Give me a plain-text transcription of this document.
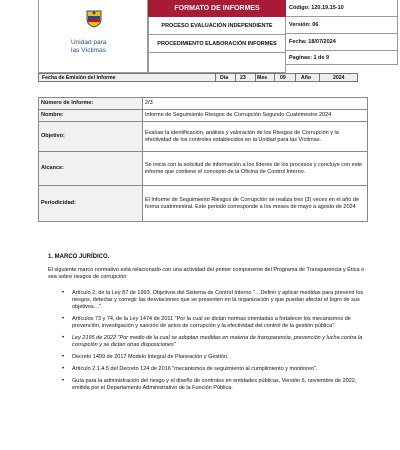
Unidad para
las Víctimas
FORMATO DE INFORMES
PROCESO EVALUACIÓN INDEPENDIENTE
PROCEDIMIENTO ELABORACIÓN INFORMES
Código: 120.19.15-10
Versión: 06
Fecha: 18/07/2024
Paginas: 1 de 9
Fecha de Emisión del Informe	Día 23 Mes 09	Año	2024
Número de Informe:	2/3
Nombre:	Informe de Seguimiento Riesgos de Corrupción Segundo Cuatrimestre 2024
Objetivo:	Evaluar la identificación, análisis y valoración de los Riesgos de Corrupción y la efectividad de los controles establecidos en la Unidad para las Víctimas.
Alcance:	Se inicia con la solicitud de información a los líderes de los procesos y concluye con este informe que contiene el concepto de la Oficina de Control Interno.
Periodicidad:	El Informe de Seguimiento Riesgos de Corrupción se realiza tres (3) veces en el año de forma cuatrimestral. Este periodo corresponde a los meses de mayo a agosto de 2024
1. MARCO JURÍDICO.
El siguiente marco normativo está relacionado con una actividad del primer componente del Programa de Transparencia y Ética o sea sobre riesgos de corrupción:
• Artículo 2, de la Ley 87 de 1993, Objetivos del Sistema de Control Interno "…Definir y aplicar medidas para prevenir los riesgos, detectar y corregir las desviaciones que se presenten en la organización y que puedan afectar el logro de sus objetivos…".
• Artículos 73 y 74, de la Ley 1474 de 2011 "Por la cual se dictan normas orientadas a fortalecer los mecanismos de prevención, investigación y sanción de actos de corrupción y la efectividad del control de la gestión pública".
• Ley 2195 de 2022 "Por medio de la cual se adoptan medidas en materia de transparencia, prevención y lucha contra la corrupción y se dictan otras disposiciones"
• Decreto 1499 de 2017 Modelo Integral de Planeación y Gestión.
• Artículo 2.1.4.5 del Decreto 124 de 2016 "mecanismos de seguimiento al cumplimiento y monitoreo".
• Guía para la administración del riesgo y el diseño de controles en entidades públicas, Versión 6, noviembre de 2022, emitida por el Departamento Administrativo de la Función Pública.
